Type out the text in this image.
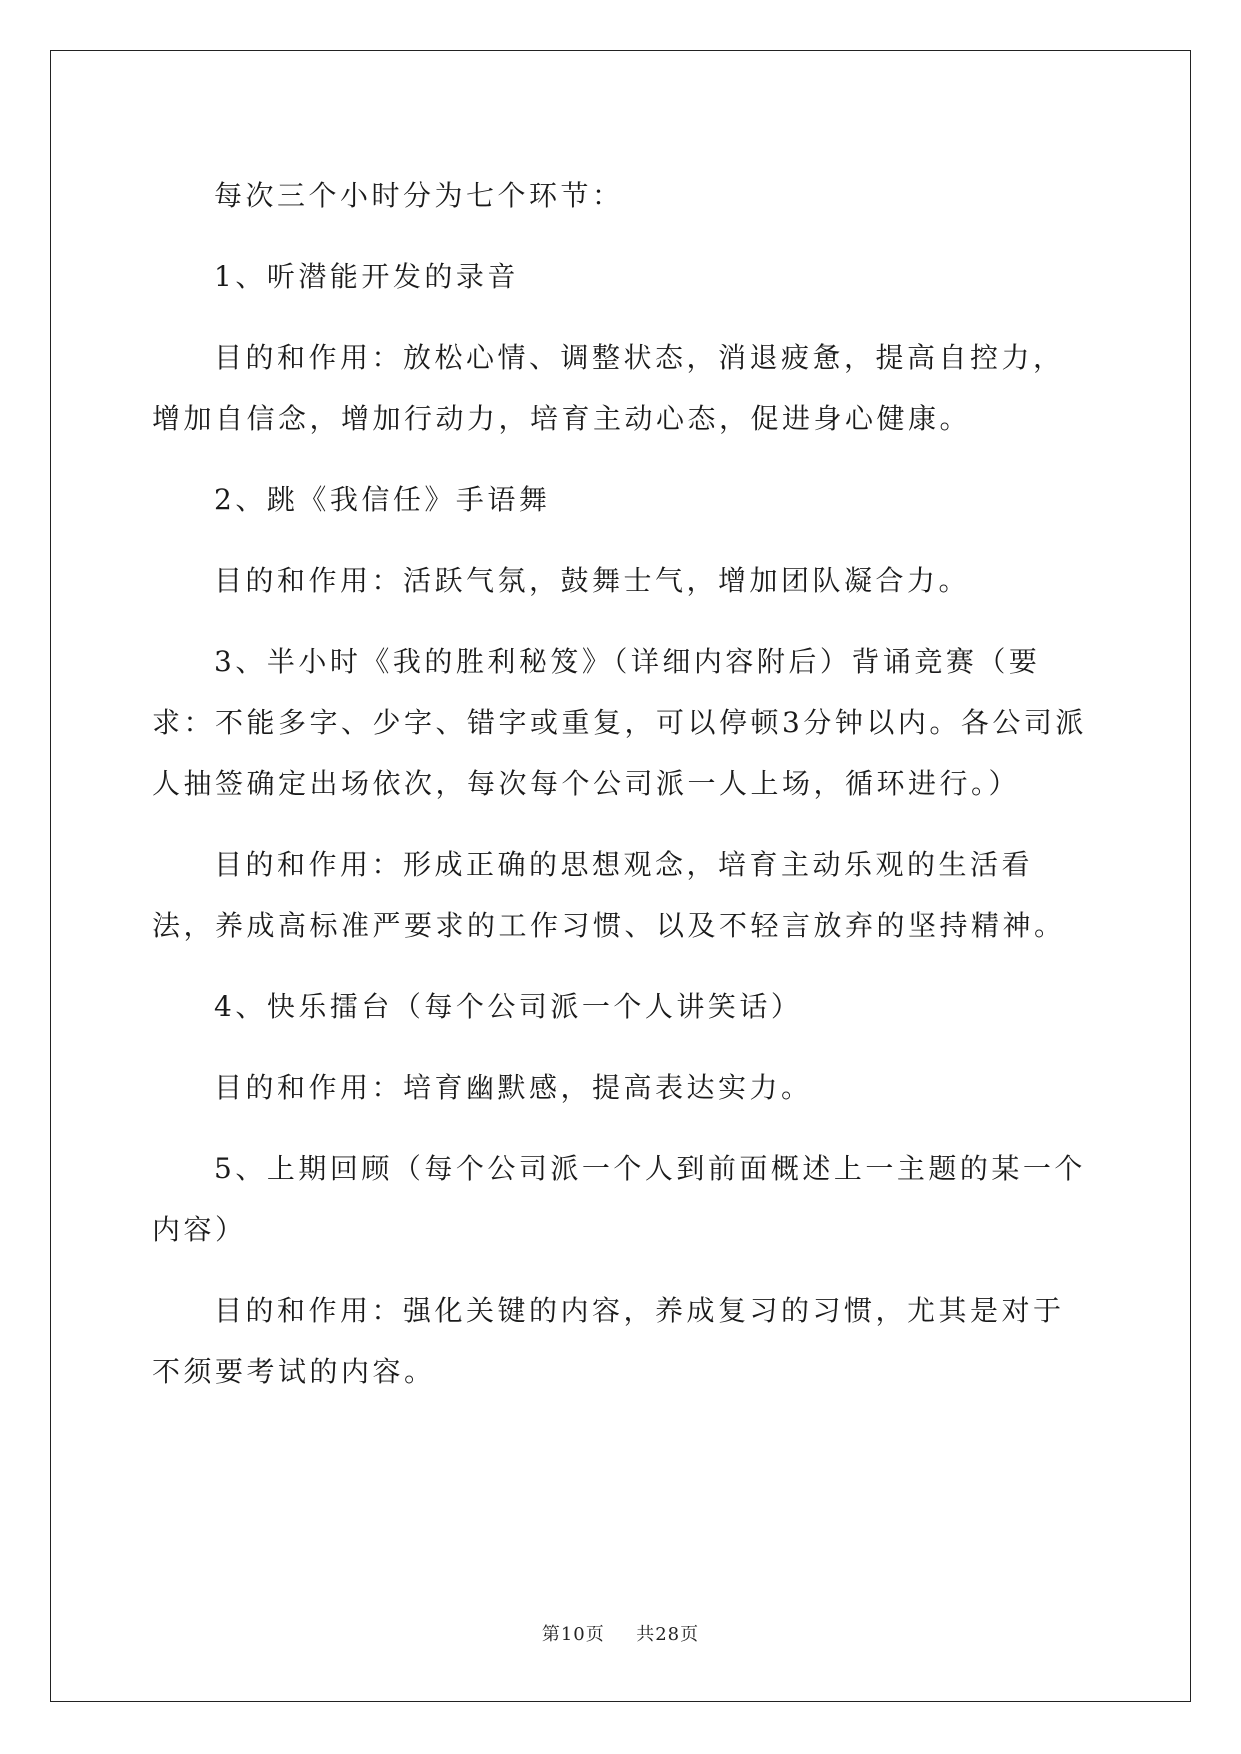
每次三个小时分为七个环节：

1、听潜能开发的录音

目的和作用：放松心情、调整状态，消退疲惫，提高自控力，增加自信念，增加行动力，培育主动心态，促进身心健康。

2、跳《我信任》手语舞

目的和作用：活跃气氛，鼓舞士气，增加团队凝合力。

3、半小时《我的胜利秘笈》（详细内容附后）背诵竞赛（要求：不能多字、少字、错字或重复，可以停顿3分钟以内。各公司派人抽签确定出场依次，每次每个公司派一人上场，循环进行。）

目的和作用：形成正确的思想观念，培育主动乐观的生活看法，养成高标准严要求的工作习惯、以及不轻言放弃的坚持精神。

4、快乐擂台（每个公司派一个人讲笑话）

目的和作用：培育幽默感，提高表达实力。

5、上期回顾（每个公司派一个人到前面概述上一主题的某一个内容）

目的和作用：强化关键的内容，养成复习的习惯，尤其是对于不须要考试的内容。

第10页 共28页
